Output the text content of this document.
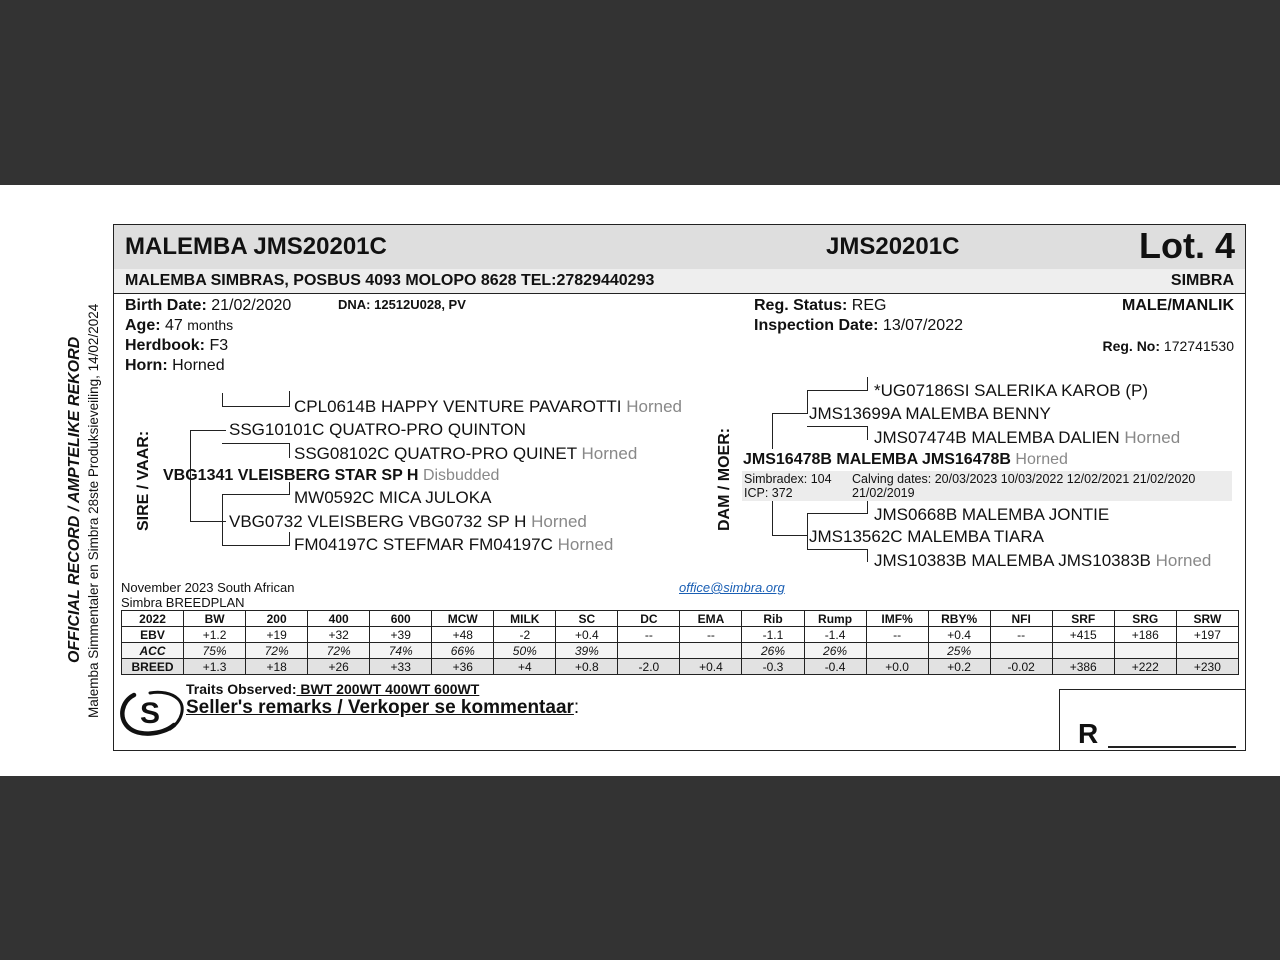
OFFICIAL RECORD / AMPTELIKE REKORD Malemba Simmentaler en Simbra 28ste Produksieveiling, 14/02/2024
MALEMBA JMS20201C	JMS20201C	Lot. 4
MALEMBA SIMBRAS, POSBUS 4093 MOLOPO 8628 TEL:27829440293	SIMBRA
Birth Date: 21/02/2020	DNA: 12512U028, PV
Age: 47 months
Herdbook: F3
Horn: Horned
Reg. Status: REG
Inspection Date: 13/07/2022
MALE/MANLIK
Reg. No: 172741530
SIRE / VAAR:
CPL0614B HAPPY VENTURE PAVAROTTI Horned
SSG10101C QUATRO-PRO QUINTON
SSG08102C QUATRO-PRO QUINET Horned
VBG1341 VLEISBERG STAR SP H Disbudded
MW0592C MICA JULOKA
VBG0732 VLEISBERG VBG0732 SP H Horned
FM04197C STEFMAR FM04197C Horned
DAM / MOER:
*UG07186SI SALERIKA KAROB (P)
JMS13699A MALEMBA BENNY
JMS07474B MALEMBA DALIEN Horned
JMS16478B MALEMBA JMS16478B Horned
Simbradex: 104
ICP: 372
Calving dates: 20/03/2023 10/03/2022 12/02/2021 21/02/2020
21/02/2019
JMS0668B MALEMBA JONTIE
JMS13562C MALEMBA TIARA
JMS10383B MALEMBA JMS10383B Horned
November 2023 South African
Simbra BREEDPLAN
office@simbra.org
2022	BW	200	400	600	MCW	MILK	SC	DC	EMA	Rib	Rump	IMF%	RBY%	NFI	SRF	SRG	SRW
EBV	+1.2	+19	+32	+39	+48	-2	+0.4	--	--	-1.1	-1.4	--	+0.4	--	+415	+186	+197
ACC	75%	72%	72%	74%	66%	50%	39%			26%	26%		25%				
BREED	+1.3	+18	+26	+33	+36	+4	+0.8	-2.0	+0.4	-0.3	-0.4	+0.0	+0.2	-0.02	+386	+222	+230
S
Traits Observed: BWT 200WT 400WT 600WT
Seller's remarks / Verkoper se kommentaar:
R
